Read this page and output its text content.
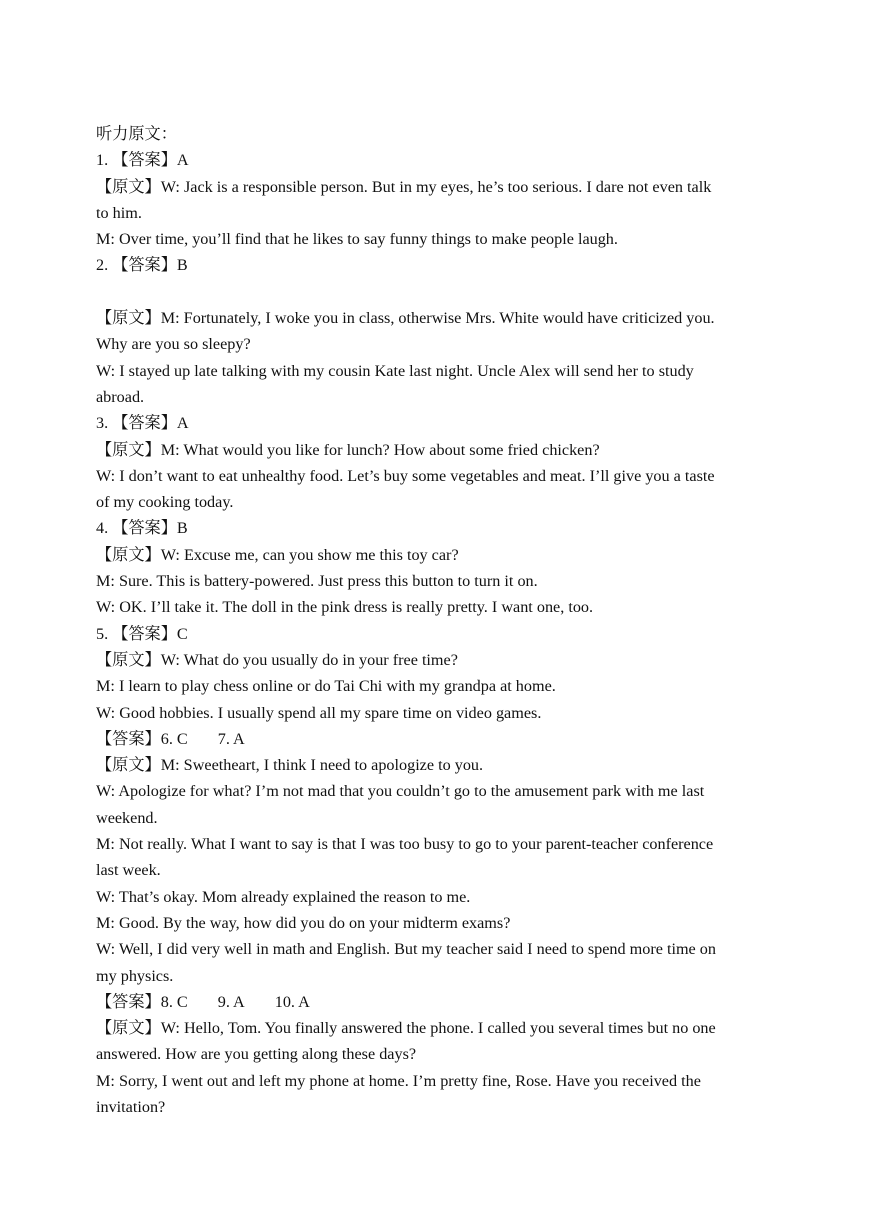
听力原文：
1. 【答案】A
【原文】W: Jack is a responsible person. But in my eyes, he’s too serious. I dare not even talk
to him.
M: Over time, you’ll find that he likes to say funny things to make people laugh.
2. 【答案】B
【原文】M: Fortunately, I woke you in class, otherwise Mrs. White would have criticized you.
Why are you so sleepy?
W: I stayed up late talking with my cousin Kate last night. Uncle Alex will send her to study
abroad.
3. 【答案】A
【原文】M: What would you like for lunch? How about some fried chicken?
W: I don’t want to eat unhealthy food. Let’s buy some vegetables and meat. I’ll give you a taste
of my cooking today.
4. 【答案】B
【原文】W: Excuse me, can you show me this toy car?
M: Sure. This is battery-powered. Just press this button to turn it on.
W: OK. I’ll take it. The doll in the pink dress is really pretty. I want one, too.
5. 【答案】C
【原文】W: What do you usually do in your free time?
M: I learn to play chess online or do Tai Chi with my grandpa at home.
W: Good hobbies. I usually spend all my spare time on video games.
【答案】6. C 7. A
【原文】M: Sweetheart, I think I need to apologize to you.
W: Apologize for what? I’m not mad that you couldn’t go to the amusement park with me last
weekend.
M: Not really. What I want to say is that I was too busy to go to your parent-teacher conference
last week.
W: That’s okay. Mom already explained the reason to me.
M: Good. By the way, how did you do on your midterm exams?
W: Well, I did very well in math and English. But my teacher said I need to spend more time on
my physics.
【答案】8. C 9. A 10. A
【原文】W: Hello, Tom. You finally answered the phone. I called you several times but no one
answered. How are you getting along these days?
M: Sorry, I went out and left my phone at home. I’m pretty fine, Rose. Have you received the
invitation?
